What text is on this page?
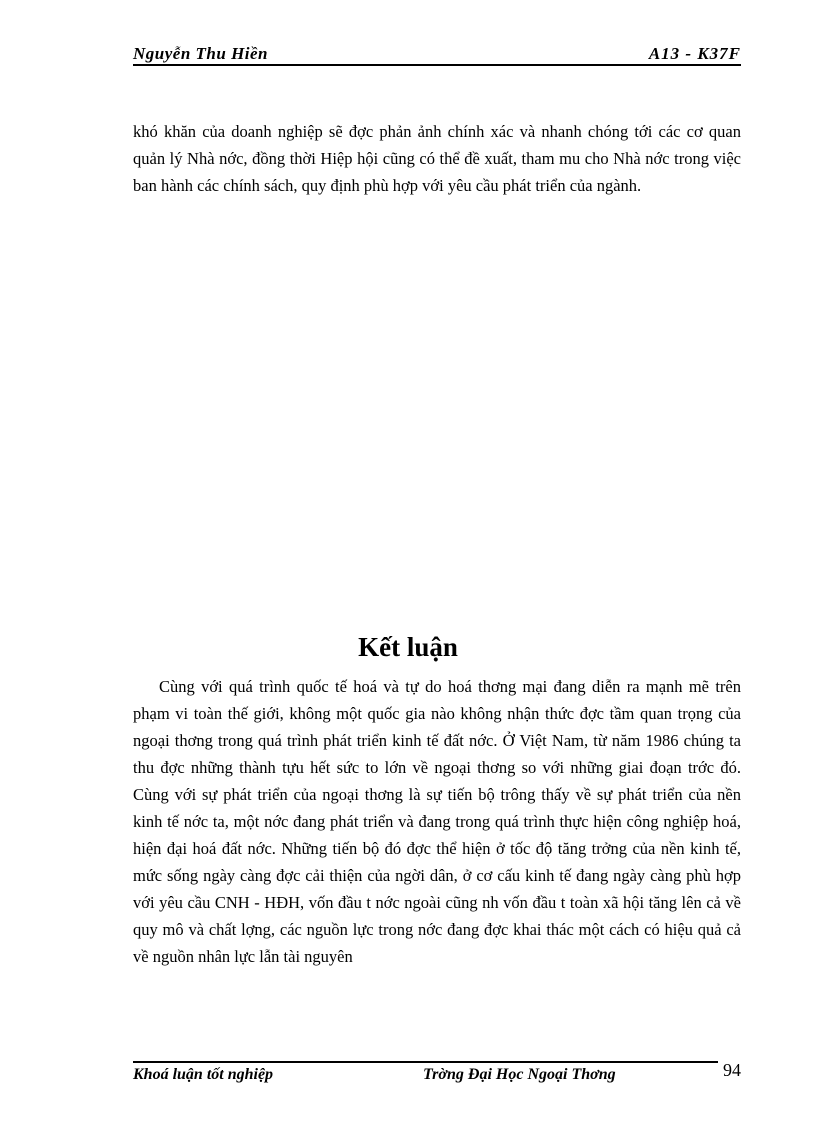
Nguyễn Thu Hiền	A13 - K37F
khó khăn của doanh nghiệp sẽ đợc phản ảnh chính xác và nhanh chóng tới các cơ quan quản lý Nhà nớc, đồng thời Hiệp hội cũng có thể đề xuất, tham mu cho Nhà nớc trong việc ban hành các chính sách, quy định phù hợp với yêu cầu phát triển của ngành.
Kết luận

Cùng với quá trình quốc tế hoá và tự do hoá thơng mại đang diễn ra mạnh mẽ trên phạm vi toàn thế giới, không một quốc gia nào không nhận thức đợc tầm quan trọng của ngoại thơng trong quá trình phát triển kinh tế đất nớc. Ở Việt Nam, từ năm 1986 chúng ta thu đợc những thành tựu hết sức to lớn về ngoại thơng so với những giai đoạn trớc đó. Cùng với sự phát triển của ngoại thơng là sự tiến bộ trông thấy về sự phát triển của nền kinh tế nớc ta, một nớc đang phát triển và đang trong quá trình thực hiện công nghiệp hoá, hiện đại hoá đất nớc. Những tiến bộ đó đợc thể hiện ở tốc độ tăng trởng của nền kinh tế, mức sống ngày càng đợc cải thiện của ngời dân, ở cơ cấu kinh tế đang ngày càng phù hợp với yêu cầu CNH - HĐH, vốn đầu t nớc ngoài cũng nh vốn đầu t toàn xã hội tăng lên cả về quy mô và chất lợng, các nguồn lực trong nớc đang đợc khai thác một cách có hiệu quả cả về nguồn nhân lực lẫn tài nguyên

Khoá luận tốt nghiệp	Trờng Đại Học Ngoại Thơng	94
